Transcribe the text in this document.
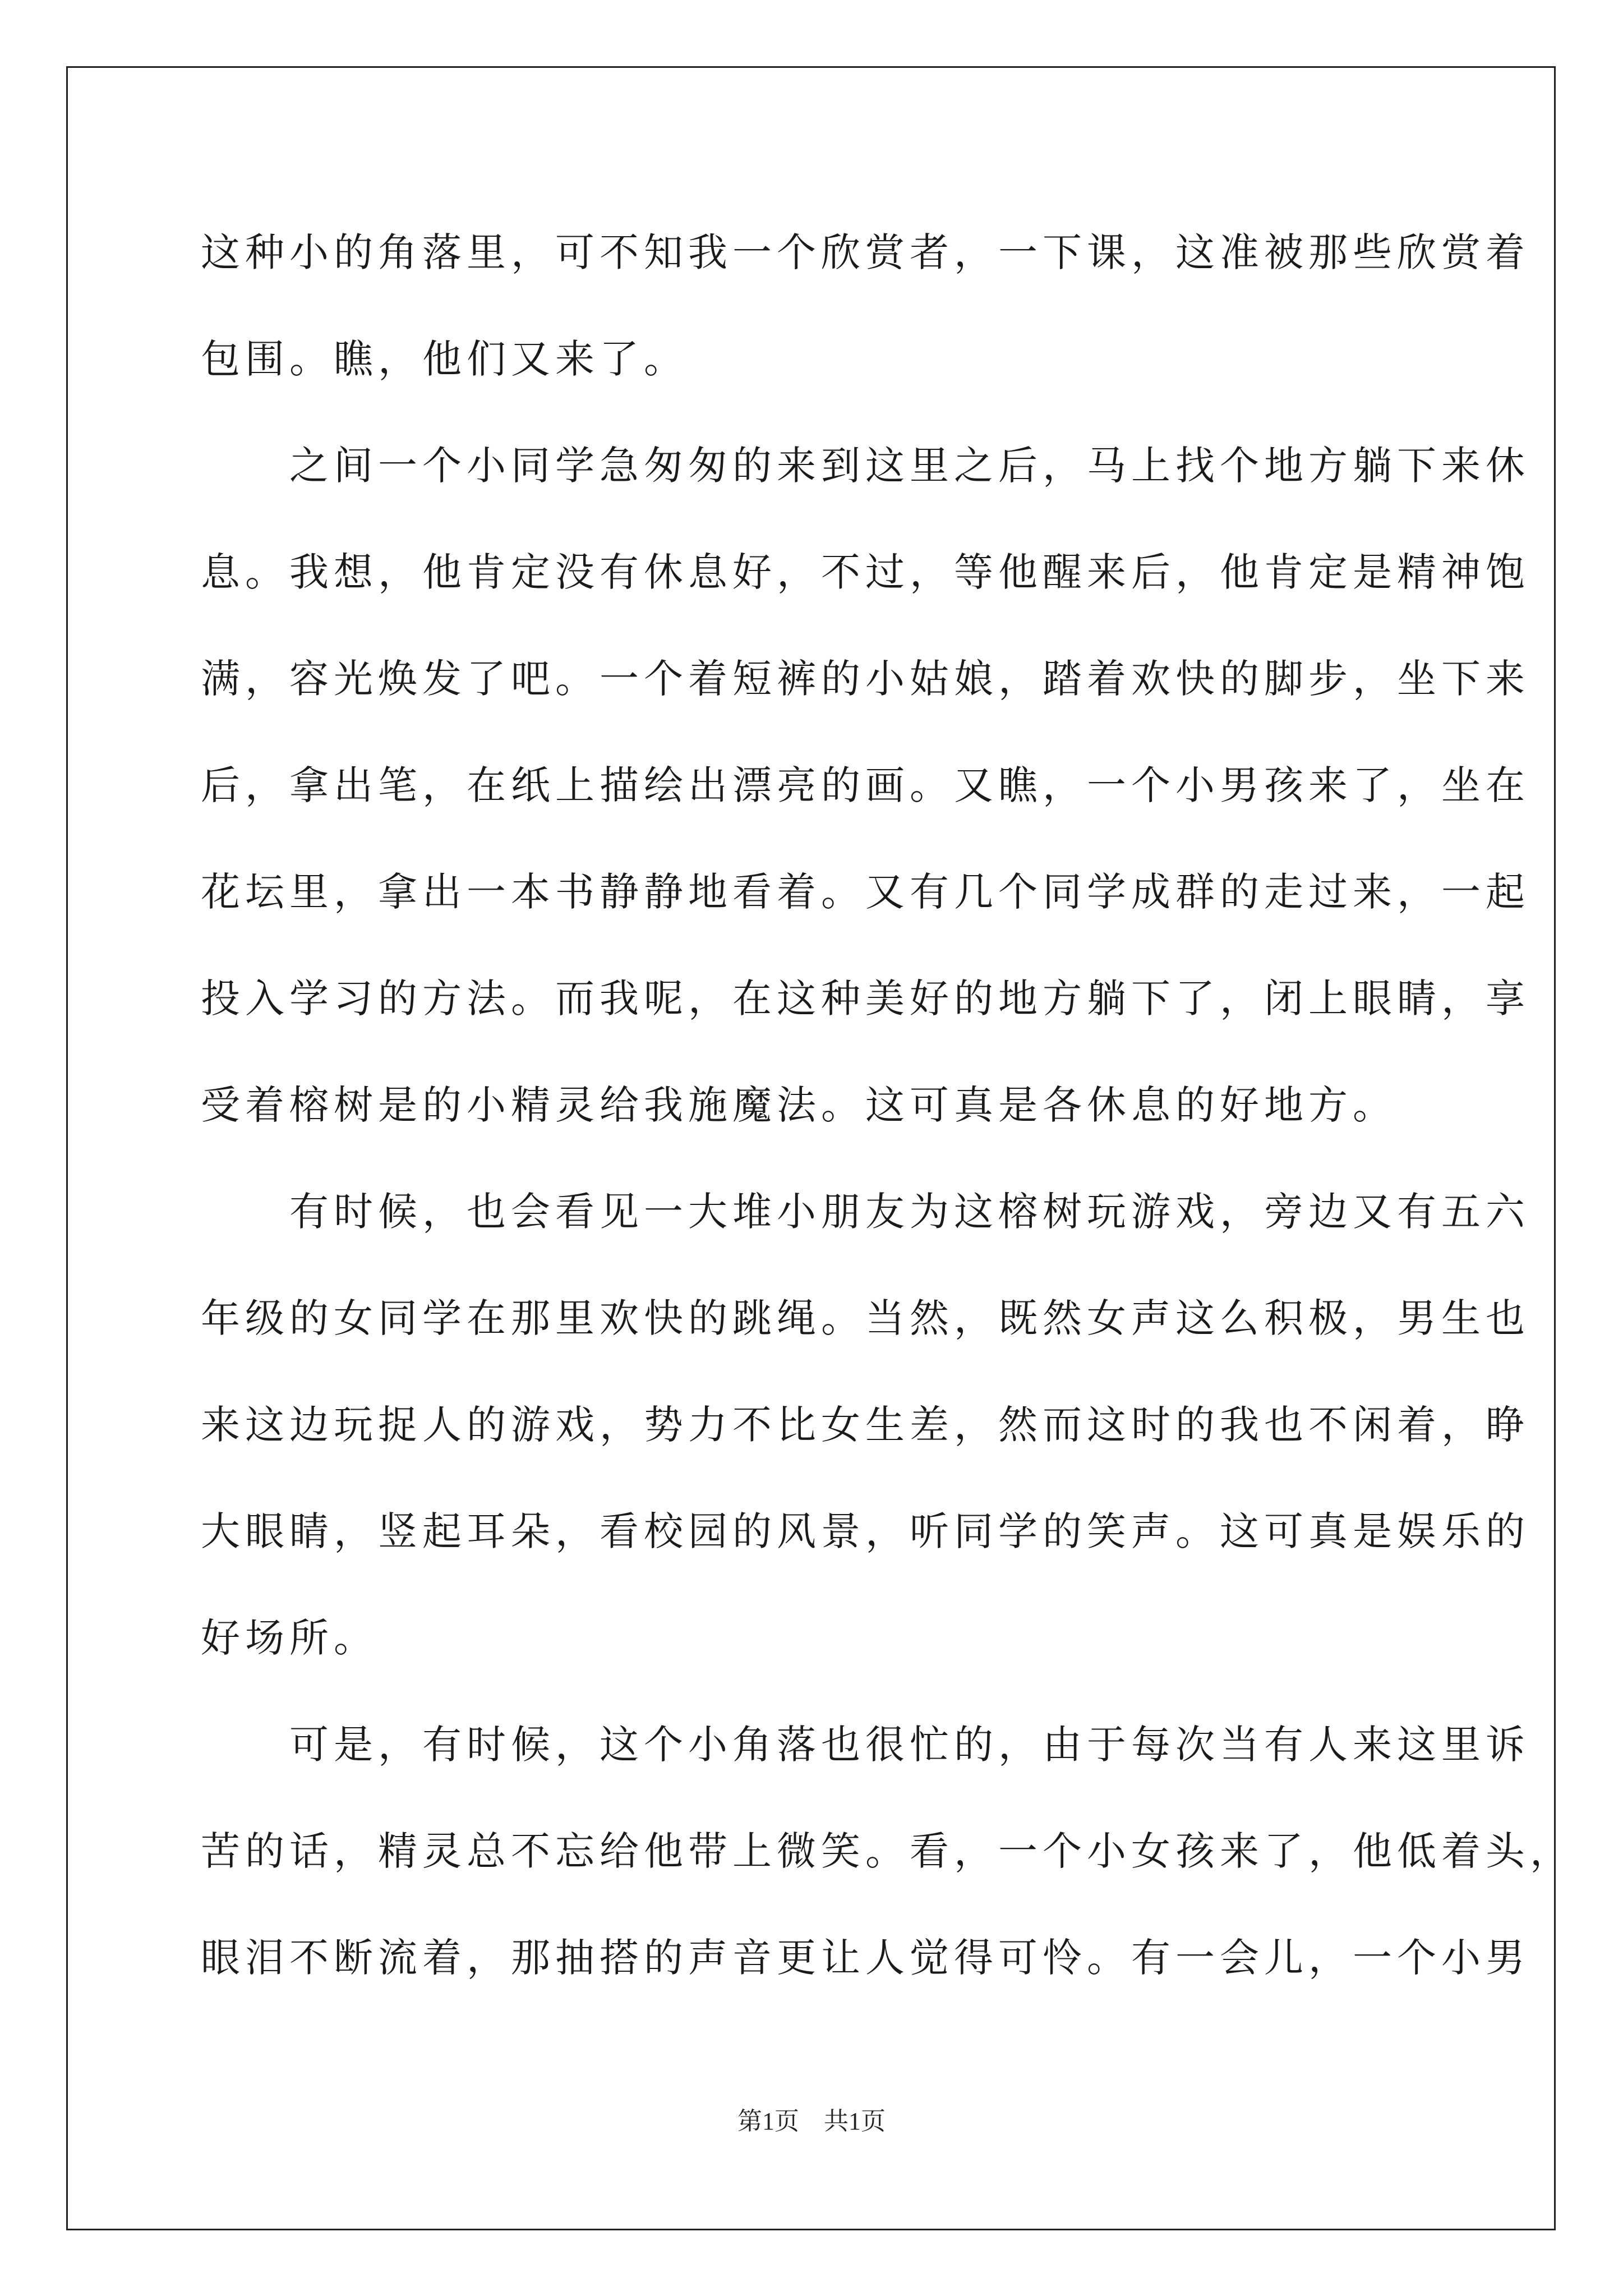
这种小的角落里，可不知我一个欣赏者，一下课，这准被那些欣赏着
包围。瞧，他们又来了。
　　之间一个小同学急匆匆的来到这里之后，马上找个地方躺下来休
息。我想，他肯定没有休息好，不过，等他醒来后，他肯定是精神饱
满，容光焕发了吧。一个着短裤的小姑娘，踏着欢快的脚步，坐下来
后，拿出笔，在纸上描绘出漂亮的画。又瞧，一个小男孩来了，坐在
花坛里，拿出一本书静静地看着。又有几个同学成群的走过来，一起
投入学习的方法。而我呢，在这种美好的地方躺下了，闭上眼睛，享
受着榕树是的小精灵给我施魔法。这可真是各休息的好地方。
　　有时候，也会看见一大堆小朋友为这榕树玩游戏，旁边又有五六
年级的女同学在那里欢快的跳绳。当然，既然女声这么积极，男生也
来这边玩捉人的游戏，势力不比女生差，然而这时的我也不闲着，睁
大眼睛，竖起耳朵，看校园的风景，听同学的笑声。这可真是娱乐的
好场所。
　　可是，有时候，这个小角落也很忙的，由于每次当有人来这里诉
苦的话，精灵总不忘给他带上微笑。看，一个小女孩来了，他低着头，
眼泪不断流着，那抽搭的声音更让人觉得可怜。有一会儿，一个小男
第1页　共1页
